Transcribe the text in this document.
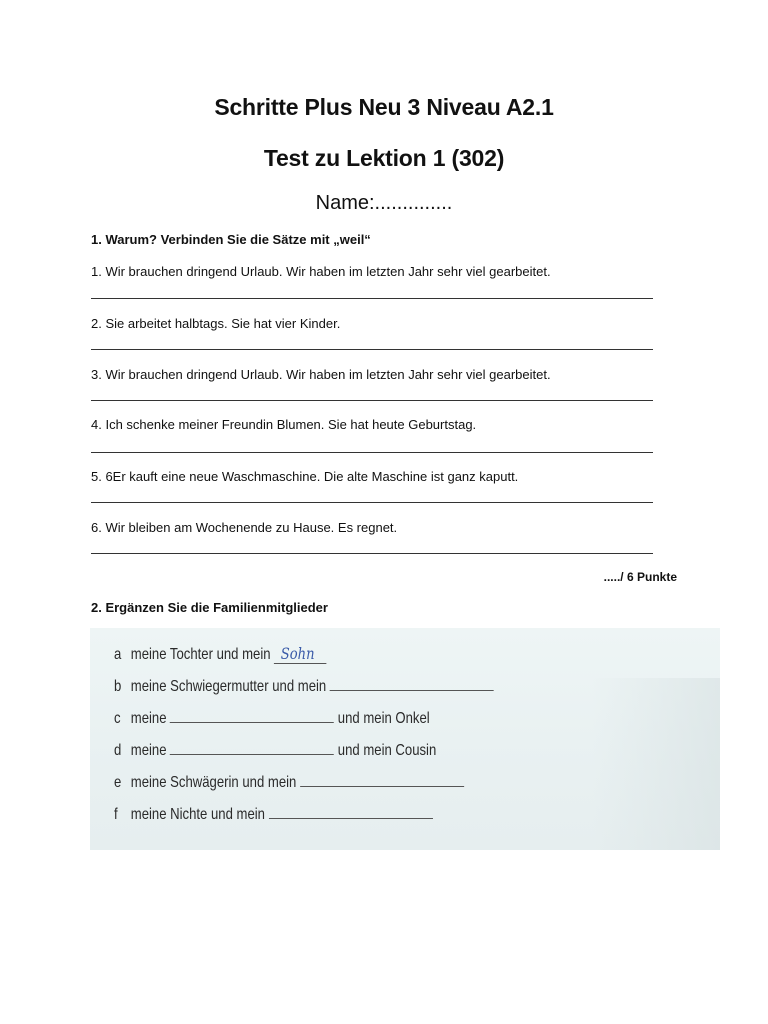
Schritte Plus Neu 3 Niveau A2.1
Test zu Lektion 1 (302)
Name:..............
1. Warum? Verbinden Sie die Sätze mit „weil“
1. Wir brauchen dringend Urlaub. Wir haben im letzten Jahr sehr viel gearbeitet.
2. Sie arbeitet halbtags. Sie hat vier Kinder.
3. Wir brauchen dringend Urlaub. Wir haben im letzten Jahr sehr viel gearbeitet.
4. Ich schenke meiner Freundin Blumen. Sie hat heute Geburtstag.
5. 6Er kauft eine neue Waschmaschine. Die alte Maschine ist ganz kaputt.
6. Wir bleiben am Wochenende zu Hause. Es regnet.
...../ 6 Punkte
2. Ergänzen Sie die Familienmitglieder
a meine Tochter und mein Sohn
b meine Schwiegermutter und mein
c meine	und mein Onkel
d meine	und mein Cousin
e meine Schwägerin und mein
f meine Nichte und mein
